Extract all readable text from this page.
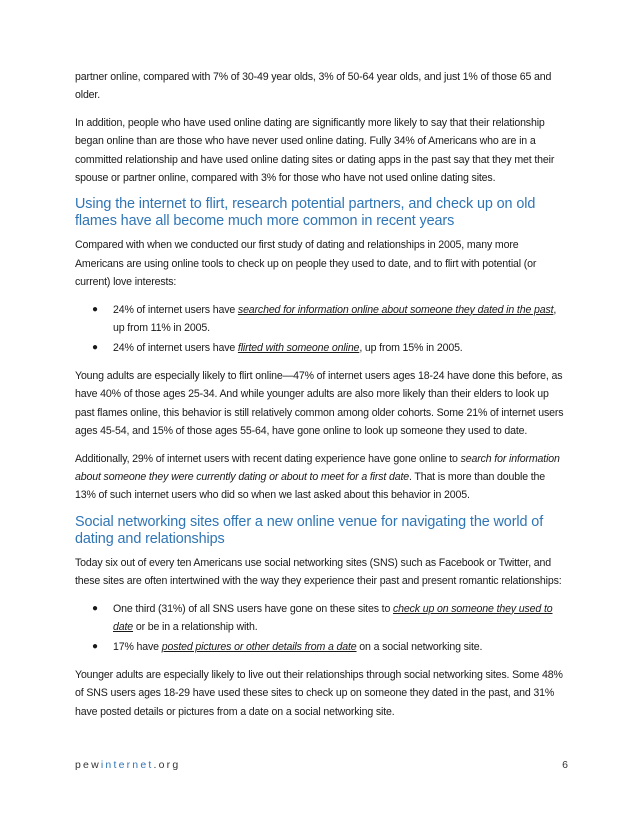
partner online, compared with 7% of 30-49 year olds, 3% of 50-64 year olds, and just 1% of those 65 and older.

In addition, people who have used online dating are significantly more likely to say that their relationship began online than are those who have never used online dating. Fully 34% of Americans who are in a committed relationship and have used online dating sites or dating apps in the past say that they met their spouse or partner online, compared with 3% for those who have not used online dating sites.

Using the internet to flirt, research potential partners, and check up on old flames have all become much more common in recent years

Compared with when we conducted our first study of dating and relationships in 2005, many more Americans are using online tools to check up on people they used to date, and to flirt with potential (or current) love interests:

● 24% of internet users have searched for information online about someone they dated in the past, up from 11% in 2005.
● 24% of internet users have flirted with someone online, up from 15% in 2005.

Young adults are especially likely to flirt online—47% of internet users ages 18-24 have done this before, as have 40% of those ages 25-34. And while younger adults are also more likely than their elders to look up past flames online, this behavior is still relatively common among older cohorts. Some 21% of internet users ages 45-54, and 15% of those ages 55-64, have gone online to look up someone they used to date.

Additionally, 29% of internet users with recent dating experience have gone online to search for information about someone they were currently dating or about to meet for a first date. That is more than double the 13% of such internet users who did so when we last asked about this behavior in 2005.

Social networking sites offer a new online venue for navigating the world of dating and relationships

Today six out of every ten Americans use social networking sites (SNS) such as Facebook or Twitter, and these sites are often intertwined with the way they experience their past and present romantic relationships:

● One third (31%) of all SNS users have gone on these sites to check up on someone they used to date or be in a relationship with.
● 17% have posted pictures or other details from a date on a social networking site.

Younger adults are especially likely to live out their relationships through social networking sites. Some 48% of SNS users ages 18-29 have used these sites to check up on someone they dated in the past, and 31% have posted details or pictures from a date on a social networking site.

pewinternet.org	6
